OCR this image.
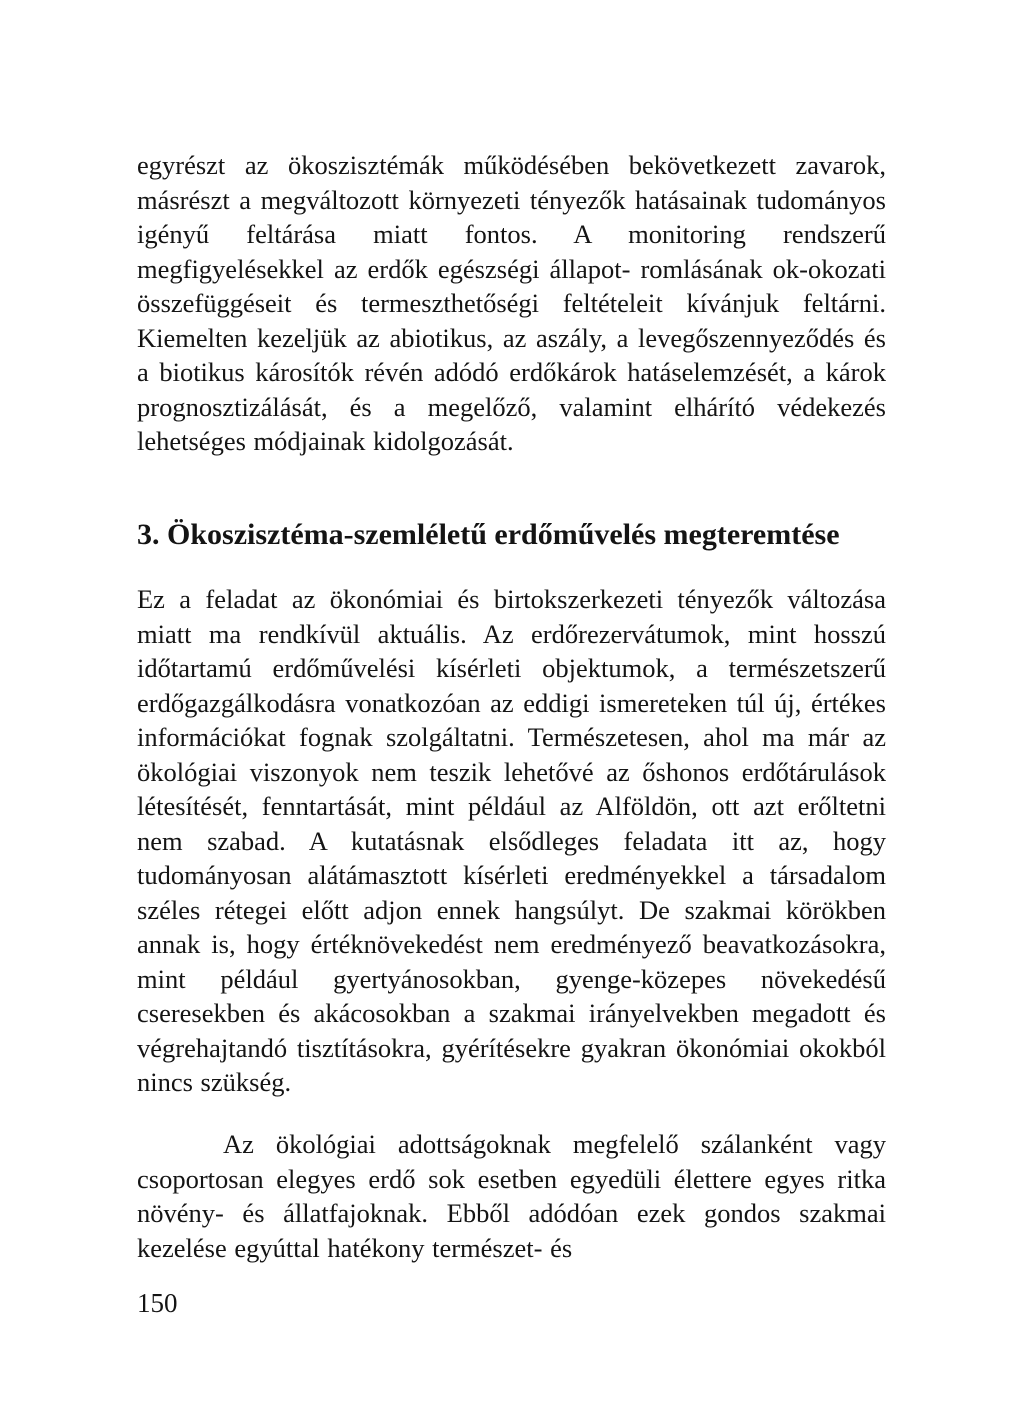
egyrészt az ökoszisztémák működésében bekövetkezett zavarok, másrészt a megváltozott környezeti tényezők hatásainak tudományos igényű feltárása miatt fontos. A monitoring rendszerű megfigyelésekkel az erdők egészségi állapot- romlásának ok-okozati összefüggéseit és termeszthetőségi feltételeit kívánjuk feltárni. Kiemelten kezeljük az abiotikus, az aszály, a levegőszennyeződés és a biotikus károsítók révén adódó erdőkárok hatáselemzését, a károk prognosztizálását, és a megelőző, valamint elhárító védekezés lehetséges módjainak kidolgozását.

3. Ökoszisztéma-szemléletű erdőművelés megteremtése

Ez a feladat az ökonómiai és birtokszerkezeti tényezők változása miatt ma rendkívül aktuális. Az erdőrezervátumok, mint hosszú időtartamú erdőművelési kísérleti objektumok, a természetszerű erdőgazgálkodásra vonatkozóan az eddigi ismereteken túl új, értékes információkat fognak szolgáltatni. Természetesen, ahol ma már az ökológiai viszonyok nem teszik lehetővé az őshonos erdőtárulások létesítését, fenntartását, mint például az Alföldön, ott azt erőltetni nem szabad. A kutatásnak elsődleges feladata itt az, hogy tudományosan alátámasztott kísérleti eredményekkel a társadalom széles rétegei előtt adjon ennek hangsúlyt. De szakmai körökben annak is, hogy értéknövekedést nem eredményező beavatkozásokra, mint például gyertyánosokban, gyenge-közepes növekedésű cseresekben és akácosokban a szakmai irányelvekben megadott és végrehajtandó tisztításokra, gyérítésekre gyakran ökonómiai okokból nincs szükség.

Az ökológiai adottságoknak megfelelő szálanként vagy csoportosan elegyes erdő sok esetben egyedüli élettere egyes ritka növény- és állatfajoknak. Ebből adódóan ezek gondos szakmai kezelése egyúttal hatékony természet- és

150
